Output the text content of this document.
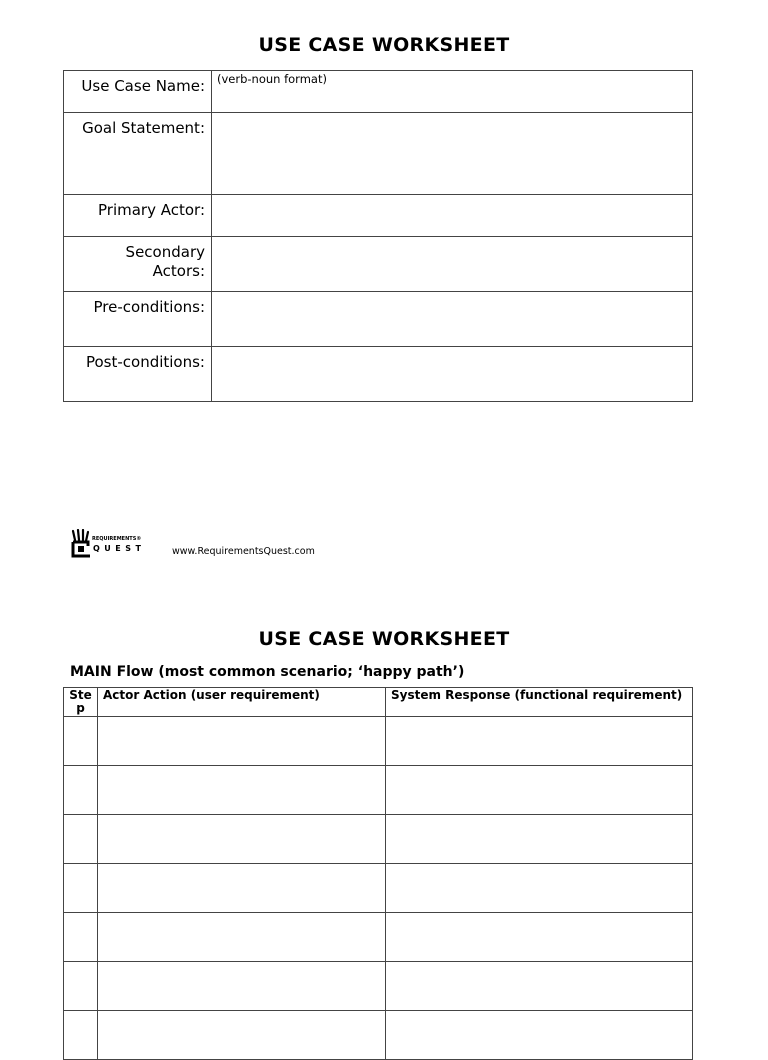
USE CASE WORKSHEET
Use Case Name:	(verb-noun format)
Goal Statement:	
Primary Actor:	
Secondary Actors:	
Pre-conditions:	
Post-conditions:	
REQUIREMENTS®
QUEST	www.RequirementsQuest.com
USE CASE WORKSHEET
MAIN Flow (most common scenario; ‘happy path’)
Step	Actor Action (user requirement)	System Response (functional requirement)
